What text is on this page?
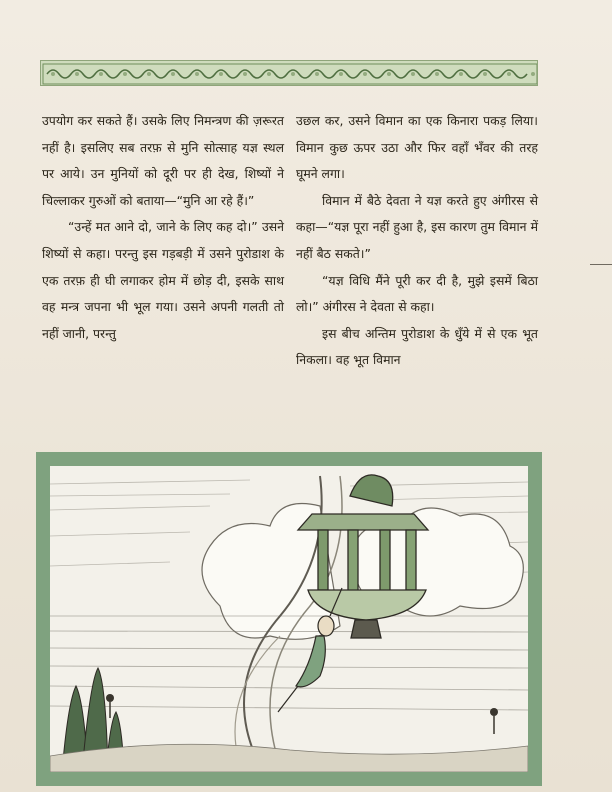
उपयोग कर सकते हैं। उसके लिए निमन्त्रण की ज़रूरत नहीं है। इसलिए सब तरफ़ से मुनि सोत्साह यज्ञ स्थल पर आये। उन मुनियों को दूरी पर ही देख, शिष्यों ने चिल्लाकर गुरुओं को बताया—“मुनि आ रहे हैं।”

“उन्हें मत आने दो, जाने के लिए कह दो।” उसने शिष्यों से कहा। परन्तु इस गड़बड़ी में उसने पुरोडाश के एक तरफ़ ही घी लगाकर होम में छोड़ दी, इसके साथ वह मन्त्र जपना भी भूल गया। उसने अपनी गलती तो नहीं जानी, परन्तु

उछल कर, उसने विमान का एक किनारा पकड़ लिया। विमान कुछ ऊपर उठा और फिर वहाँ भँवर की तरह घूमने लगा।

विमान में बैठे देवता ने यज्ञ करते हुए अंगीरस से कहा—“यज्ञ पूरा नहीं हुआ है, इस कारण तुम विमान में नहीं बैठ सकते।”

“यज्ञ विधि मैंने पूरी कर दी है, मुझे इसमें बिठा लो।” अंगीरस ने देवता से कहा।

इस बीच अन्तिम पुरोडाश के धुँये में से एक भूत निकला। वह भूत विमान
